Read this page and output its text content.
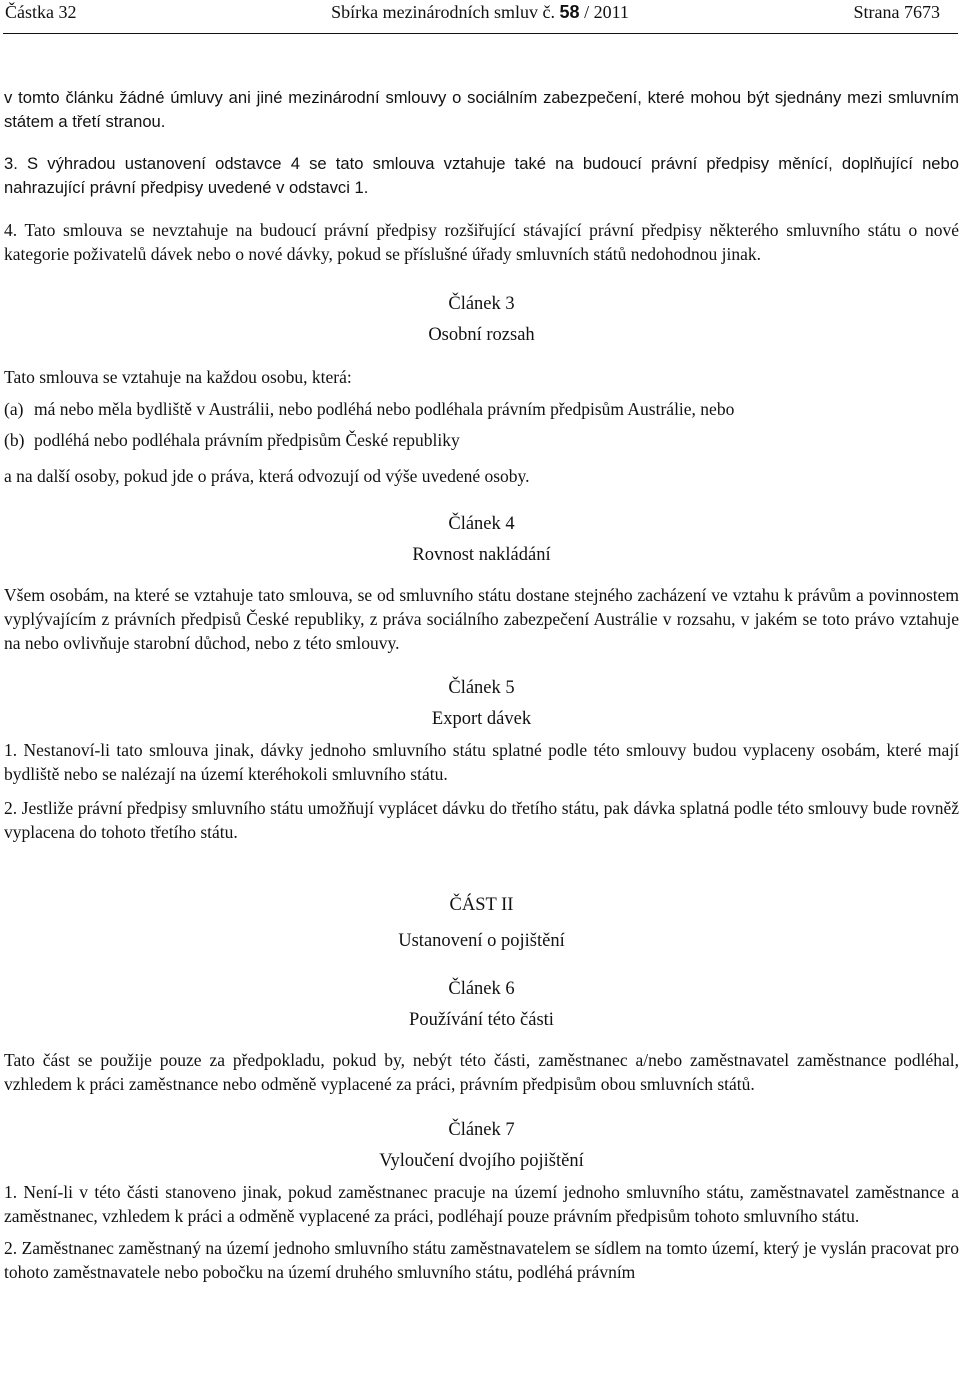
Částka 32	Sbírka mezinárodních smluv č. 58 / 2011	Strana 7673

v tomto článku žádné úmluvy ani jiné mezinárodní smlouvy o sociálním zabezpečení, které mohou být sjednány mezi smluvním státem a třetí stranou.

3. S výhradou ustanovení odstavce 4 se tato smlouva vztahuje také na budoucí právní předpisy měnící, doplňující nebo nahrazující právní předpisy uvedené v odstavci 1.

4. Tato smlouva se nevztahuje na budoucí právní předpisy rozšiřující stávající právní předpisy některého smluvního státu o nové kategorie poživatelů dávek nebo o nové dávky, pokud se příslušné úřady smluvních států nedohodnou jinak.

Článek 3
Osobní rozsah

Tato smlouva se vztahuje na každou osobu, která:

(a) má nebo měla bydliště v Austrálii, nebo podléhá nebo podléhala právním předpisům Austrálie, nebo
(b) podléhá nebo podléhala právním předpisům České republiky

a na další osoby, pokud jde o práva, která odvozují od výše uvedené osoby.

Článek 4
Rovnost nakládání

Všem osobám, na které se vztahuje tato smlouva, se od smluvního státu dostane stejného zacházení ve vztahu k právům a povinnostem vyplývajícím z právních předpisů České republiky, z práva sociálního zabezpečení Austrálie v rozsahu, v jakém se toto právo vztahuje na nebo ovlivňuje starobní důchod, nebo z této smlouvy.

Článek 5
Export dávek

1. Nestanoví-li tato smlouva jinak, dávky jednoho smluvního státu splatné podle této smlouvy budou vyplaceny osobám, které mají bydliště nebo se nalézají na území kteréhokoli smluvního státu.

2. Jestliže právní předpisy smluvního státu umožňují vyplácet dávku do třetího státu, pak dávka splatná podle této smlouvy bude rovněž vyplacena do tohoto třetího státu.

ČÁST II
Ustanovení o pojištění
Článek 6
Používání této části

Tato část se použije pouze za předpokladu, pokud by, nebýt této části, zaměstnanec a/nebo zaměstnavatel zaměstnance podléhal, vzhledem k práci zaměstnance nebo odměně vyplacené za práci, právním předpisům obou smluvních států.

Článek 7
Vyloučení dvojího pojištění

1. Není-li v této části stanoveno jinak, pokud zaměstnanec pracuje na území jednoho smluvního státu, zaměstnavatel zaměstnance a zaměstnanec, vzhledem k práci a odměně vyplacené za práci, podléhají pouze právním předpisům tohoto smluvního státu.

2. Zaměstnanec zaměstnaný na území jednoho smluvního státu zaměstnavatelem se sídlem na tomto území, který je vyslán pracovat pro tohoto zaměstnavatele nebo pobočku na území druhého smluvního státu, podléhá právním
